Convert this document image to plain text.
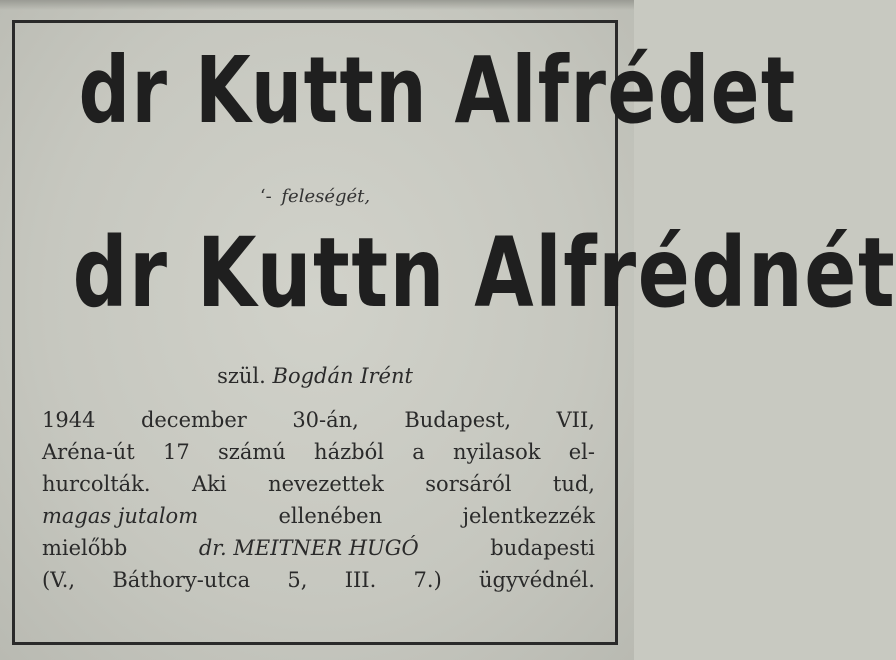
dr Kuttn Alfrédet
‘- feleségét,
dr Kuttn Alfrédnét
szül. Bogdán Irént
1944 december 30-án, Budapest, VII,
Aréna-út 17 számú házból a nyilasok el-
hurcolták. Aki nevezettek sorsáról tud,
magas jutalom	ellenében	jelentkezzék
mielőbb	dr. MEITNER HUGÓ	budapesti
(V., Báthory-utca 5, III. 7.) ügyvédnél.
